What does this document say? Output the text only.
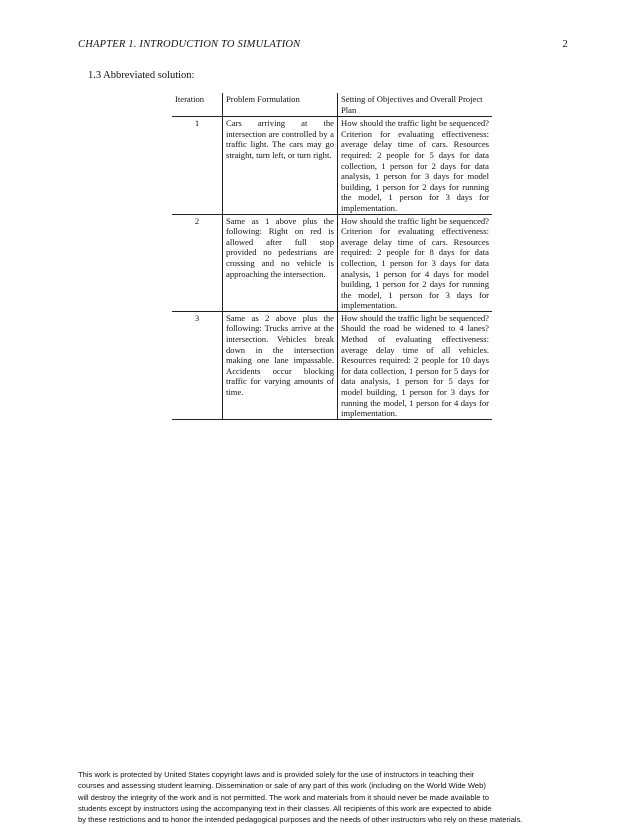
CHAPTER 1. INTRODUCTION TO SIMULATION	2
1.3 Abbreviated solution:
Iteration	Problem Formulation	Setting of Objectives and Overall Project Plan
1	Cars arriving at the intersection are controlled by a traffic light. The cars may go straight, turn left, or turn right.	How should the traffic light be sequenced? Criterion for evaluating effectiveness: average delay time of cars. Resources required: 2 people for 5 days for data collection, 1 person for 2 days for data analysis, 1 person for 3 days for model building, 1 person for 2 days for running the model, 1 person for 3 days for implementation.
2	Same as 1 above plus the following: Right on red is allowed after full stop provided no pedestrians are crossing and no vehicle is approaching the intersection.	How should the traffic light be sequenced? Criterion for evaluating effectiveness: average delay time of cars. Resources required: 2 people for 8 days for data collection, 1 person for 3 days for data analysis, 1 person for 4 days for model building, 1 person for 2 days for running the model, 1 person for 3 days for implementation.
3	Same as 2 above plus the following: Trucks arrive at the intersection. Vehicles break down in the intersection making one lane impassable. Accidents occur blocking traffic for varying amounts of time.	How should the traffic light be sequenced? Should the road be widened to 4 lanes? Method of evaluating effectiveness: average delay time of all vehicles. Resources required: 2 people for 10 days for data collection, 1 person for 5 days for data analysis, 1 person for 5 days for model building, 1 person for 3 days for running the model, 1 person for 4 days for implementation.
This work is protected by United States copyright laws and is provided solely for the use of instructors in teaching their
courses and assessing student learning. Dissemination or sale of any part of this work (including on the World Wide Web)
will destroy the integrity of the work and is not permitted. The work and materials from it should never be made available to
students except by instructors using the accompanying text in their classes. All recipients of this work are expected to abide
by these restrictions and to honor the intended pedagogical purposes and the needs of other instructors who rely on these materials.
